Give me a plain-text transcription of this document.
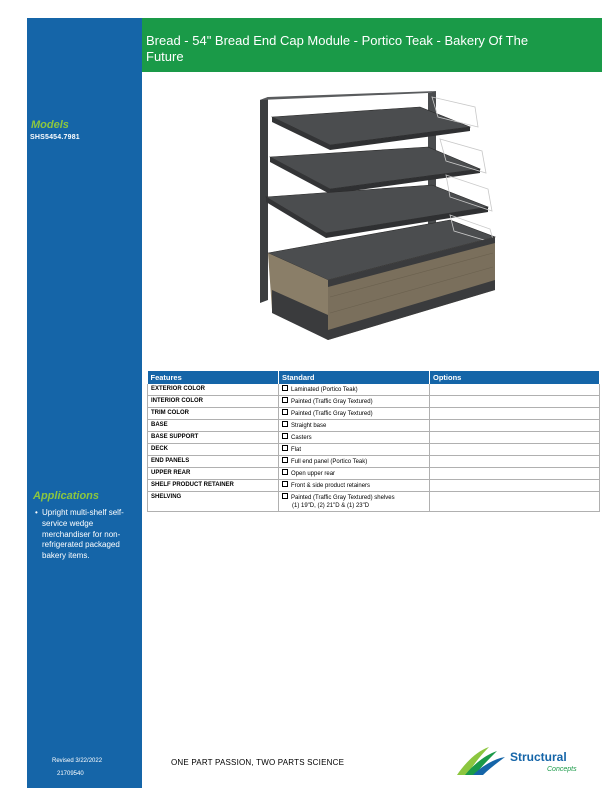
Bread - 54" Bread End Cap Module - Portico Teak - Bakery Of The Future
Models
SHS5454.7981
Applications
• Upright multi-shelf self-service wedge merchandiser for non-refrigerated packaged bakery items.
Revised 3/22/2022
21709540
Features	Standard	Options
EXTERIOR COLOR	Laminated (Portico Teak)	
INTERIOR COLOR	Painted (Traffic Gray Textured)	
TRIM COLOR	Painted (Traffic Gray Textured)	
BASE	Straight base	
BASE SUPPORT	Casters	
DECK	Flat	
END PANELS	Full end panel (Portico Teak)	
UPPER REAR	Open upper rear	
SHELF PRODUCT RETAINER	Front & side product retainers	
SHELVING	Painted (Traffic Gray Textured) shelves
(1) 19"D, (2) 21"D & (1) 23"D	

ONE PART PASSION, TWO PARTS SCIENCE	Structural
Concepts
